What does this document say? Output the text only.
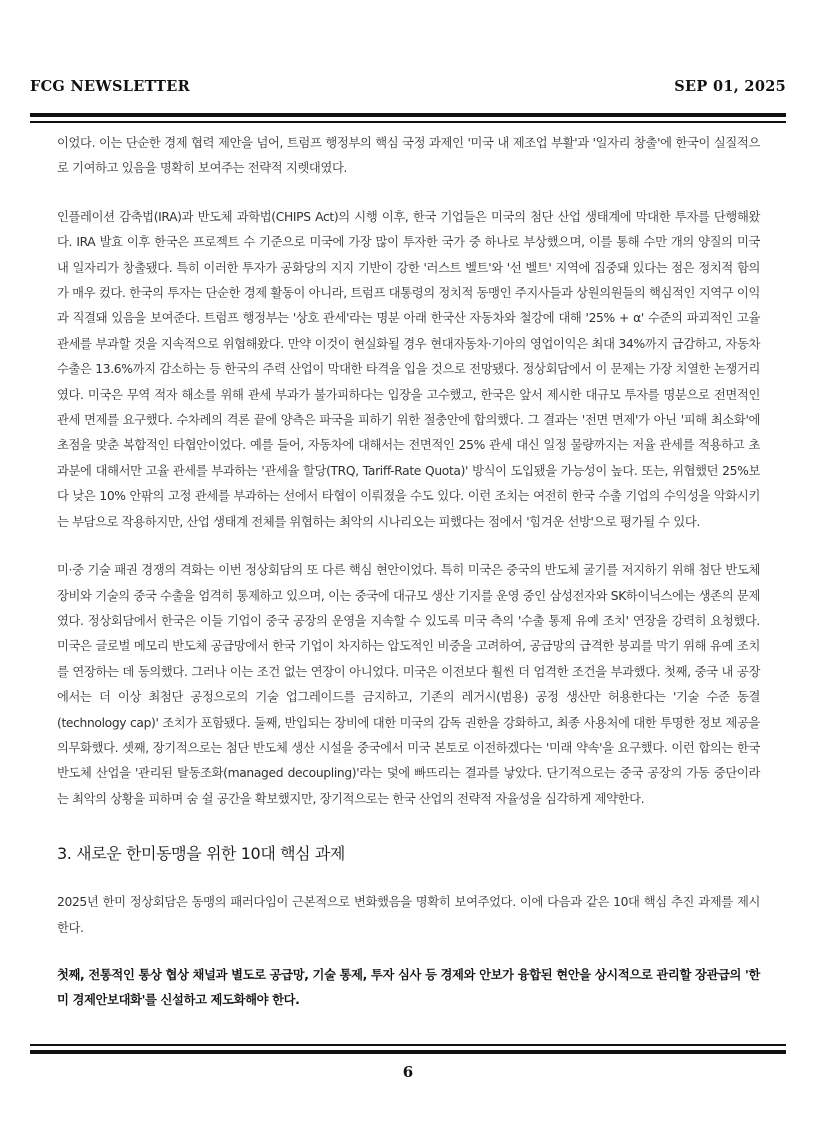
FCG NEWSLETTER	SEP 01, 2025

이었다. 이는 단순한 경제 협력 제안을 넘어, 트럼프 행정부의 핵심 국정 과제인 '미국 내 제조업 부활'과 '일자리 창출'에 한국이 실질적으로 기여하고 있음을 명확히 보여주는 전략적 지렛대였다.

인플레이션 감축법(IRA)과 반도체 과학법(CHIPS Act)의 시행 이후, 한국 기업들은 미국의 첨단 산업 생태계에 막대한 투자를 단행해왔다. IRA 발효 이후 한국은 프로젝트 수 기준으로 미국에 가장 많이 투자한 국가 중 하나로 부상했으며, 이를 통해 수만 개의 양질의 미국 내 일자리가 창출됐다. 특히 이러한 투자가 공화당의 지지 기반이 강한 '러스트 벨트'와 '선 벨트' 지역에 집중돼 있다는 점은 정치적 함의가 매우 컸다. 한국의 투자는 단순한 경제 활동이 아니라, 트럼프 대통령의 정치적 동맹인 주지사들과 상원의원들의 핵심적인 지역구 이익과 직결돼 있음을 보여준다. 트럼프 행정부는 '상호 관세'라는 명분 아래 한국산 자동차와 철강에 대해 '25% + α' 수준의 파괴적인 고율 관세를 부과할 것을 지속적으로 위협해왔다. 만약 이것이 현실화될 경우 현대자동차·기아의 영업이익은 최대 34%까지 급감하고, 자동차 수출은 13.6%까지 감소하는 등 한국의 주력 산업이 막대한 타격을 입을 것으로 전망됐다. 정상회담에서 이 문제는 가장 치열한 논쟁거리였다. 미국은 무역 적자 해소를 위해 관세 부과가 불가피하다는 입장을 고수했고, 한국은 앞서 제시한 대규모 투자를 명분으로 전면적인 관세 면제를 요구했다. 수차례의 격론 끝에 양측은 파국을 피하기 위한 절충안에 합의했다. 그 결과는 '전면 면제'가 아닌 '피해 최소화'에 초점을 맞춘 복합적인 타협안이었다. 예를 들어, 자동차에 대해서는 전면적인 25% 관세 대신 일정 물량까지는 저율 관세를 적용하고 초과분에 대해서만 고율 관세를 부과하는 '관세율 할당(TRQ, Tariff-Rate Quota)' 방식이 도입됐을 가능성이 높다. 또는, 위협했던 25%보다 낮은 10% 안팎의 고정 관세를 부과하는 선에서 타협이 이뤄졌을 수도 있다. 이런 조치는 여전히 한국 수출 기업의 수익성을 악화시키는 부담으로 작용하지만, 산업 생태계 전체를 위협하는 최악의 시나리오는 피했다는 점에서 '힘겨운 선방'으로 평가될 수 있다.

미·중 기술 패권 경쟁의 격화는 이번 정상회담의 또 다른 핵심 현안이었다. 특히 미국은 중국의 반도체 굴기를 저지하기 위해 첨단 반도체 장비와 기술의 중국 수출을 엄격히 통제하고 있으며, 이는 중국에 대규모 생산 기지를 운영 중인 삼성전자와 SK하이닉스에는 생존의 문제였다. 정상회담에서 한국은 이들 기업이 중국 공장의 운영을 지속할 수 있도록 미국 측의 '수출 통제 유예 조치' 연장을 강력히 요청했다. 미국은 글로벌 메모리 반도체 공급망에서 한국 기업이 차지하는 압도적인 비중을 고려하여, 공급망의 급격한 붕괴를 막기 위해 유예 조치를 연장하는 데 동의했다. 그러나 이는 조건 없는 연장이 아니었다. 미국은 이전보다 훨씬 더 엄격한 조건을 부과했다. 첫째, 중국 내 공장에서는 더 이상 최첨단 공정으로의 기술 업그레이드를 금지하고, 기존의 레거시(범용) 공정 생산만 허용한다는 '기술 수준 동결(technology cap)' 조치가 포함됐다. 둘째, 반입되는 장비에 대한 미국의 감독 권한을 강화하고, 최종 사용처에 대한 투명한 정보 제공을 의무화했다. 셋째, 장기적으로는 첨단 반도체 생산 시설을 중국에서 미국 본토로 이전하겠다는 '미래 약속'을 요구했다. 이런 합의는 한국 반도체 산업을 '관리된 탈동조화(managed decoupling)'라는 덫에 빠뜨리는 결과를 낳았다. 단기적으로는 중국 공장의 가동 중단이라는 최악의 상황을 피하며 숨 쉴 공간을 확보했지만, 장기적으로는 한국 산업의 전략적 자율성을 심각하게 제약한다.

3. 새로운 한미동맹을 위한 10대 핵심 과제

2025년 한미 정상회담은 동맹의 패러다임이 근본적으로 변화했음을 명확히 보여주었다. 이에 다음과 같은 10대 핵심 추진 과제를 제시한다.

첫째, 전통적인 통상 협상 채널과 별도로 공급망, 기술 통제, 투자 심사 등 경제와 안보가 융합된 현안을 상시적으로 관리할 장관급의 '한미 경제안보대화'를 신설하고 제도화해야 한다.

6
